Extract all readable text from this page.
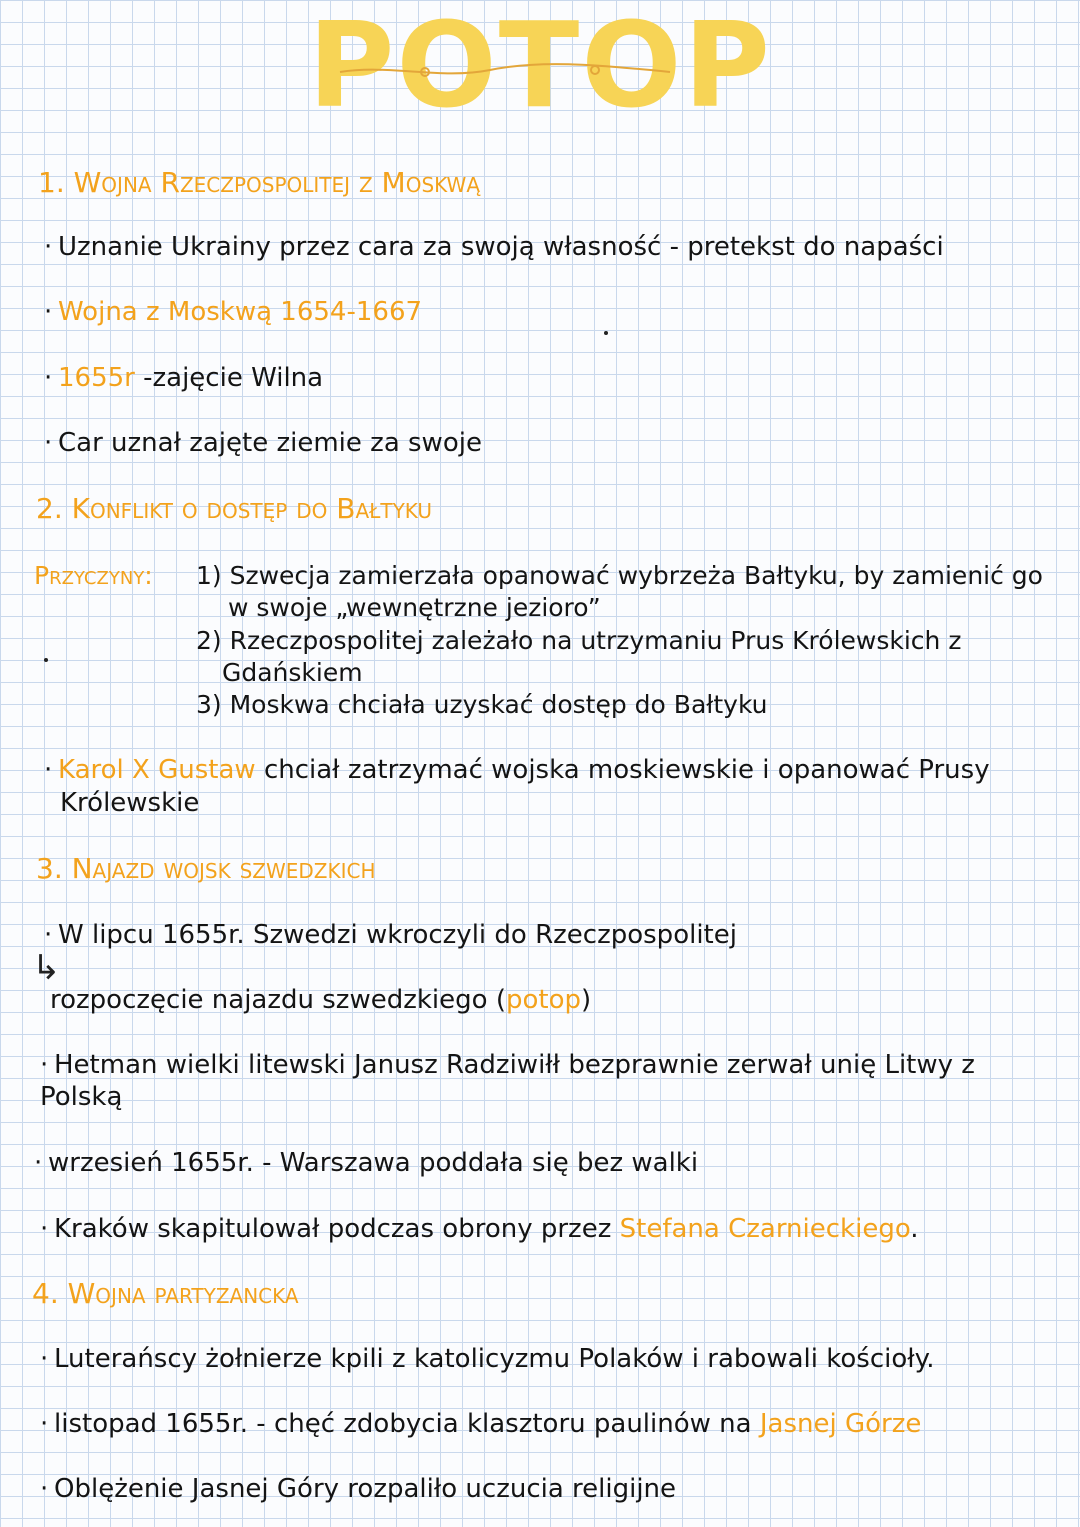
POTOP
1. Wojna Rzeczpospolitej z Moskwą
· Uznanie Ukrainy przez cara za swoją własność - pretekst do napaści
· Wojna z Moskwą 1654-1667
· 1655r -zajęcie Wilna
· Car uznał zajęte ziemie za swoje
2. Konflikt o dostęp do Bałtyku
Przyczyny: 1) Szwecja zamierzała opanować wybrzeża Bałtyku, by zamienić go
w swoje „wewnętrzne jezioro”
2) Rzeczpospolitej zależało na utrzymaniu Prus Królewskich z
Gdańskiem
3) Moskwa chciała uzyskać dostęp do Bałtyku
· Karol X Gustaw chciał zatrzymać wojska moskiewskie i opanować Prusy
Królewskie
3. Najazd wojsk szwedzkich
· W lipcu 1655r. Szwedzi wkroczyli do Rzeczpospolitej
↳
rozpoczęcie najazdu szwedzkiego (potop)
· Hetman wielki litewski Janusz Radziwiłł bezprawnie zerwał unię Litwy z
Polską
· wrzesień 1655r. - Warszawa poddała się bez walki
· Kraków skapitulował podczas obrony przez Stefana Czarnieckiego.
4. Wojna partyzancka
· Luterańscy żołnierze kpili z katolicyzmu Polaków i rabowali kościoły.
· listopad 1655r. - chęć zdobycia klasztoru paulinów na Jasnej Górze
· Oblężenie Jasnej Góry rozpaliło uczucia religijne
